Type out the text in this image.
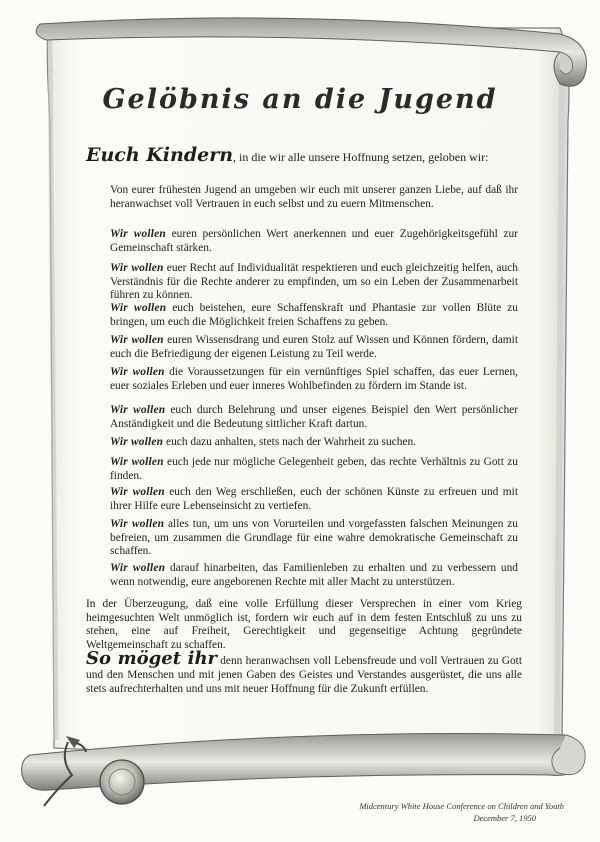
Gelöbnis an die Jugend
Euch Kindern, in die wir alle unsere Hoffnung setzen, geloben wir:
Von eurer frühesten Jugend an umgeben wir euch mit unserer ganzen Liebe, auf daß ihr heranwachset voll Vertrauen in euch selbst und zu euern Mitmenschen.
Wir wollen euren persönlichen Wert anerkennen und euer Zugehörigkeitsgefühl zur Gemeinschaft stärken.
Wir wollen euer Recht auf Individualität respektieren und euch gleichzeitig helfen, auch Verständnis für die Rechte anderer zu empfinden, um so ein Leben der Zusammenarbeit führen zu können.
Wir wollen euch beistehen, eure Schaffenskraft und Phantasie zur vollen Blüte zu bringen, um euch die Möglichkeit freien Schaffens zu geben.
Wir wollen euren Wissensdrang und euren Stolz auf Wissen und Können fördern, damit euch die Befriedigung der eigenen Leistung zu Teil werde.
Wir wollen die Voraussetzungen für ein vernünftiges Spiel schaffen, das euer Lernen, euer soziales Erleben und euer inneres Wohlbefinden zu fördern im Stande ist.
Wir wollen euch durch Belehrung und unser eigenes Beispiel den Wert persönlicher Anständigkeit und die Bedeutung sittlicher Kraft dartun.
Wir wollen euch dazu anhalten, stets nach der Wahrheit zu suchen.
Wir wollen euch jede nur mögliche Gelegenheit geben, das rechte Verhältnis zu Gott zu finden.
Wir wollen euch den Weg erschließen, euch der schönen Künste zu erfreuen und mit ihrer Hilfe eure Lebenseinsicht zu vertiefen.
Wir wollen alles tun, um uns von Vorurteilen und vorgefassten falschen Meinungen zu befreien, um zusammen die Grundlage für eine wahre demokratische Gemeinschaft zu schaffen.
Wir wollen darauf hinarbeiten, das Familienleben zu erhalten und zu verbessern und wenn notwendig, eure angeborenen Rechte mit aller Macht zu unterstützen.
In der Überzeugung, daß eine volle Erfüllung dieser Versprechen in einer vom Krieg heimgesuchten Welt unmöglich ist, fordern wir euch auf in dem festen Entschluß zu uns zu stehen, eine auf Freiheit, Gerechtigkeit und gegenseitige Achtung gegründete Weltgemeinschaft zu schaffen.
So möget ihr denn heranwachsen voll Lebensfreude und voll Vertrauen zu Gott und den Menschen und mit jenen Gaben des Geistes und Verstandes ausgerüstet, die uns alle stets aufrechterhalten und uns mit neuer Hoffnung für die Zukunft erfüllen.
Midcentury White House Conference on Children and Youth
December 7, 1950
